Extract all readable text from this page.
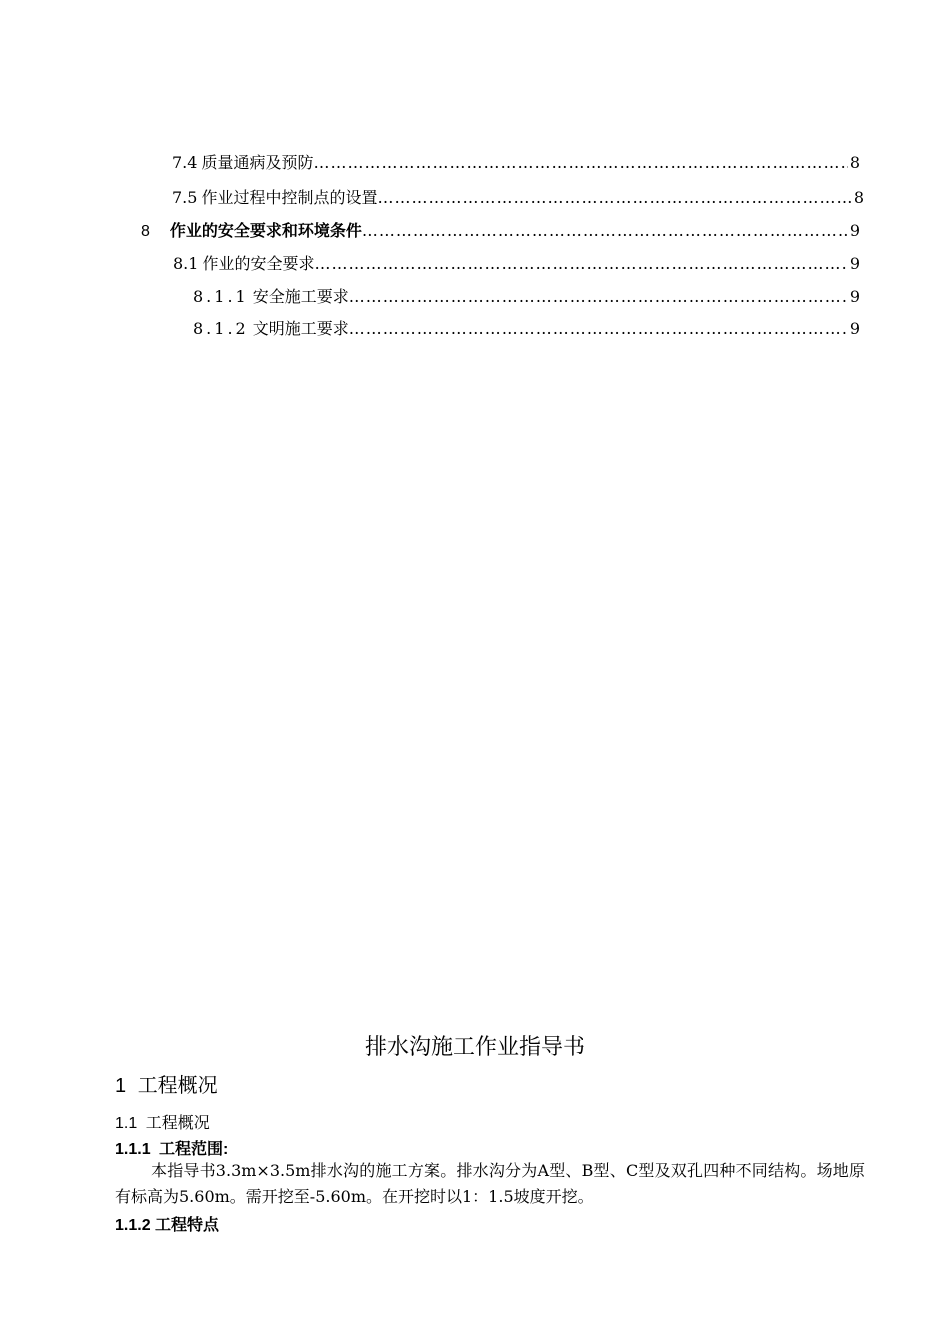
7.4 质量通病及预防 ……………………………………………………………………………………………………………………………………………………………………………………	8
7.5 作业过程中控制点的设置 ……………………………………………………………………………………………………………………………………………………………………………………	8
8 作业的安全要求和环境条件 ……………………………………………………………………………………………………………………………………………………………………………………	9
8.1 作业的安全要求 ……………………………………………………………………………………………………………………………………………………………………………………	9
8.1.1 安全施工要求 ……………………………………………………………………………………………………………………………………………………………………………………	9
8.1.2 文明施工要求 ……………………………………………………………………………………………………………………………………………………………………………………	9
排水沟施工作业指导书
1 工程概况
1.1 工程概况
1.1.1 工程范围:
本指导书3.3m×3.5m排水沟的施工方案。排水沟分为A型、B型、C型及双孔四种不同结构。场地原有标高为5.60m。需开挖至-5.60m。在开挖时以1：1.5坡度开挖。
1.1.2 工程特点
